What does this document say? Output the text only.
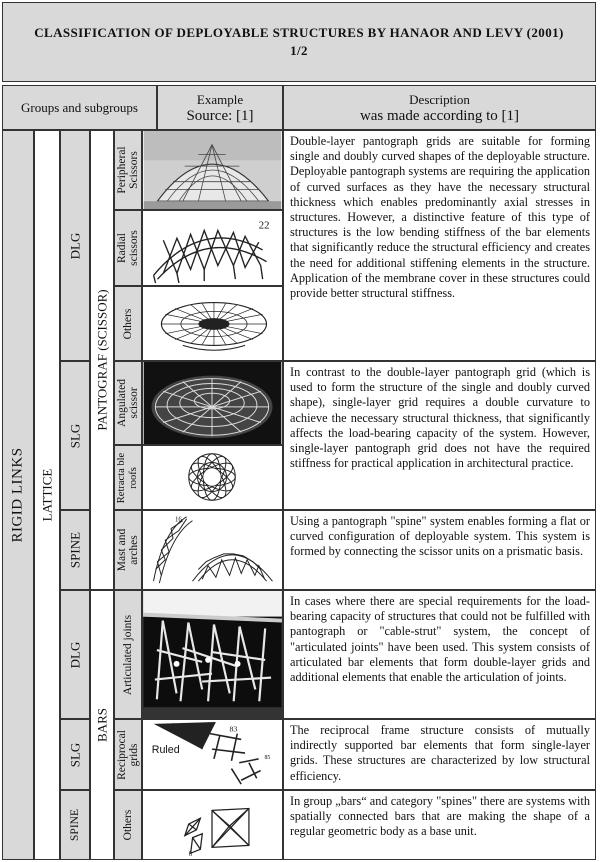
CLASSIFICATION OF DEPLOYABLE STRUCTURES BY HANAOR AND LEVY (2001)
1/2
Groups and subgroups
Example
Source: [1]
Description
was made according to [1]
RIGID LINKS LATTICE
DLG
SLG
SPINE
DLG
SLG
SPINE
PANTOGRAF (SCISSOR)
BARS
Peripheral Scissors
Radial scissors
Others
Angulated scissor
Retracta ble roofs
Mast and arches
Articulated joints
Reciprocal grids
Others
22
16
Ruled
83
85
6
Double-layer pantograph grids are suitable for forming single and doubly curved shapes of the deployable structure. Deployable pantograph systems are requiring the application of curved surfaces as they have the necessary structural thickness which enables predominantly axial stresses in structures. However, a distinctive feature of this type of structures is the low bending stiffness of the bar elements that significantly reduce the structural efficiency and creates the need for additional stiffening elements in the structure. Application of the membrane cover in these structures could provide better structural stiffness.
In contrast to the double-layer pantograph grid (which is used to form the structure of the single and doubly curved shape), single-layer grid requires a double curvature to achieve the necessary structural thickness, that significantly affects the load-bearing capacity of the system. However, single-layer pantograph grid does not have the required stiffness for practical application in architectural practice.
Using a pantograph "spine" system enables forming a flat or curved configuration of deployable system. This system is formed by connecting the scissor units on a prismatic basis.
In cases where there are special requirements for the load-bearing capacity of structures that could not be fulfilled with pantograph or "cable-strut" system, the concept of "articulated joints" have been used. This system consists of articulated bar elements that form double-layer grids and additional elements that enable the articulation of joints.
The reciprocal frame structure consists of mutually indirectly supported bar elements that form single-layer grids. These structures are characterized by low structural efficiency.
In group „bars“ and category "spines" there are systems with spatially connected bars that are making the shape of a regular geometric body as a base unit.
